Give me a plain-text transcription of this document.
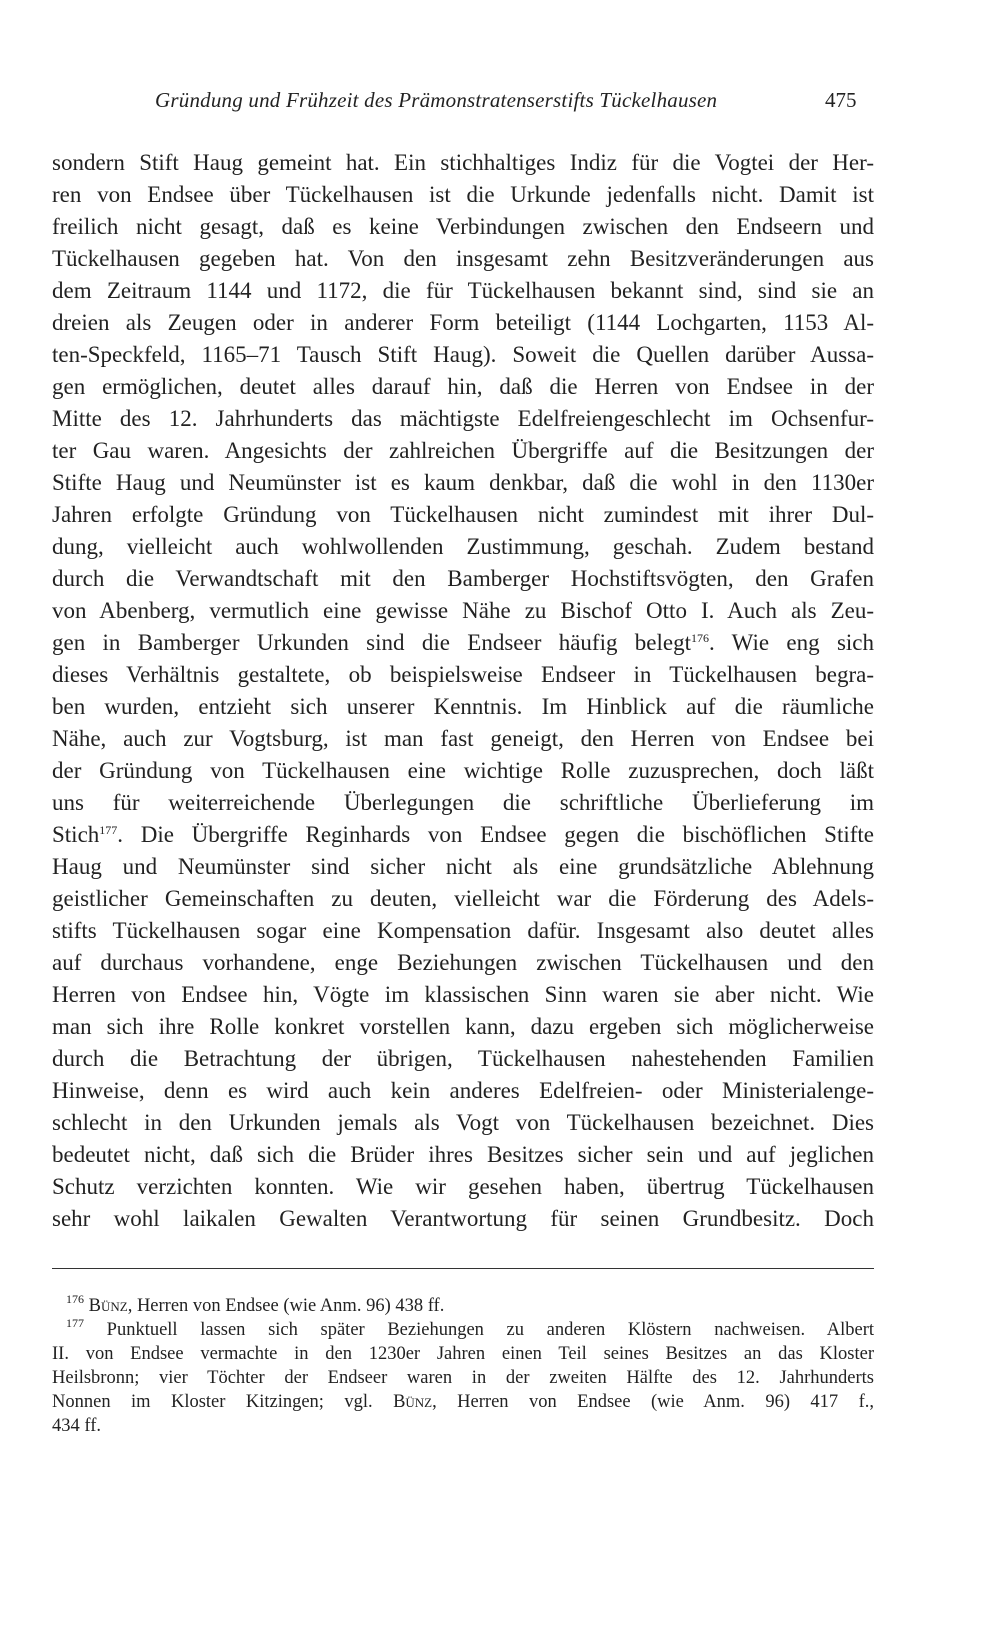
Gründung und Frühzeit des Prämonstratenserstifts Tückelhausen	475
sondern Stift Haug gemeint hat. Ein stichhaltiges Indiz für die Vogtei der Her-
ren von Endsee über Tückelhausen ist die Urkunde jedenfalls nicht. Damit ist
freilich nicht gesagt, daß es keine Verbindungen zwischen den Endseern und
Tückelhausen gegeben hat. Von den insgesamt zehn Besitzveränderungen aus
dem Zeitraum 1144 und 1172, die für Tückelhausen bekannt sind, sind sie an
dreien als Zeugen oder in anderer Form beteiligt (1144 Lochgarten, 1153 Al-
ten-Speckfeld, 1165–71 Tausch Stift Haug). Soweit die Quellen darüber Aussa-
gen ermöglichen, deutet alles darauf hin, daß die Herren von Endsee in der
Mitte des 12. Jahrhunderts das mächtigste Edelfreiengeschlecht im Ochsenfur-
ter Gau waren. Angesichts der zahlreichen Übergriffe auf die Besitzungen der
Stifte Haug und Neumünster ist es kaum denkbar, daß die wohl in den 1130er
Jahren erfolgte Gründung von Tückelhausen nicht zumindest mit ihrer Dul-
dung, vielleicht auch wohlwollenden Zustimmung, geschah. Zudem bestand
durch die Verwandtschaft mit den Bamberger Hochstiftsvögten, den Grafen
von Abenberg, vermutlich eine gewisse Nähe zu Bischof Otto I. Auch als Zeu-
gen in Bamberger Urkunden sind die Endseer häufig belegt$^{176}$. Wie eng sich
dieses Verhältnis gestaltete, ob beispielsweise Endseer in Tückelhausen begra-
ben wurden, entzieht sich unserer Kenntnis. Im Hinblick auf die räumliche
Nähe, auch zur Vogtsburg, ist man fast geneigt, den Herren von Endsee bei
der Gründung von Tückelhausen eine wichtige Rolle zuzusprechen, doch läßt
uns für weiterreichende Überlegungen die schriftliche Überlieferung im
Stich$^{177}$. Die Übergriffe Reginhards von Endsee gegen die bischöflichen Stifte
Haug und Neumünster sind sicher nicht als eine grundsätzliche Ablehnung
geistlicher Gemeinschaften zu deuten, vielleicht war die Förderung des Adels-
stifts Tückelhausen sogar eine Kompensation dafür. Insgesamt also deutet alles
auf durchaus vorhandene, enge Beziehungen zwischen Tückelhausen und den
Herren von Endsee hin, Vögte im klassischen Sinn waren sie aber nicht. Wie
man sich ihre Rolle konkret vorstellen kann, dazu ergeben sich möglicherweise
durch die Betrachtung der übrigen, Tückelhausen nahestehenden Familien
Hinweise, denn es wird auch kein anderes Edelfreien- oder Ministerialenge-
schlecht in den Urkunden jemals als Vogt von Tückelhausen bezeichnet. Dies
bedeutet nicht, daß sich die Brüder ihres Besitzes sicher sein und auf jeglichen
Schutz verzichten konnten. Wie wir gesehen haben, übertrug Tückelhausen
sehr wohl laikalen Gewalten Verantwortung für seinen Grundbesitz. Doch
$^{176}$ Bünz, Herren von Endsee (wie Anm. 96) 438 ff.
$^{177}$ Punktuell lassen sich später Beziehungen zu anderen Klöstern nachweisen. Albert
II. von Endsee vermachte in den 1230er Jahren einen Teil seines Besitzes an das Kloster
Heilsbronn; vier Töchter der Endseer waren in der zweiten Hälfte des 12. Jahrhunderts
Nonnen im Kloster Kitzingen; vgl. Bünz, Herren von Endsee (wie Anm. 96) 417 f.,
434 ff.
